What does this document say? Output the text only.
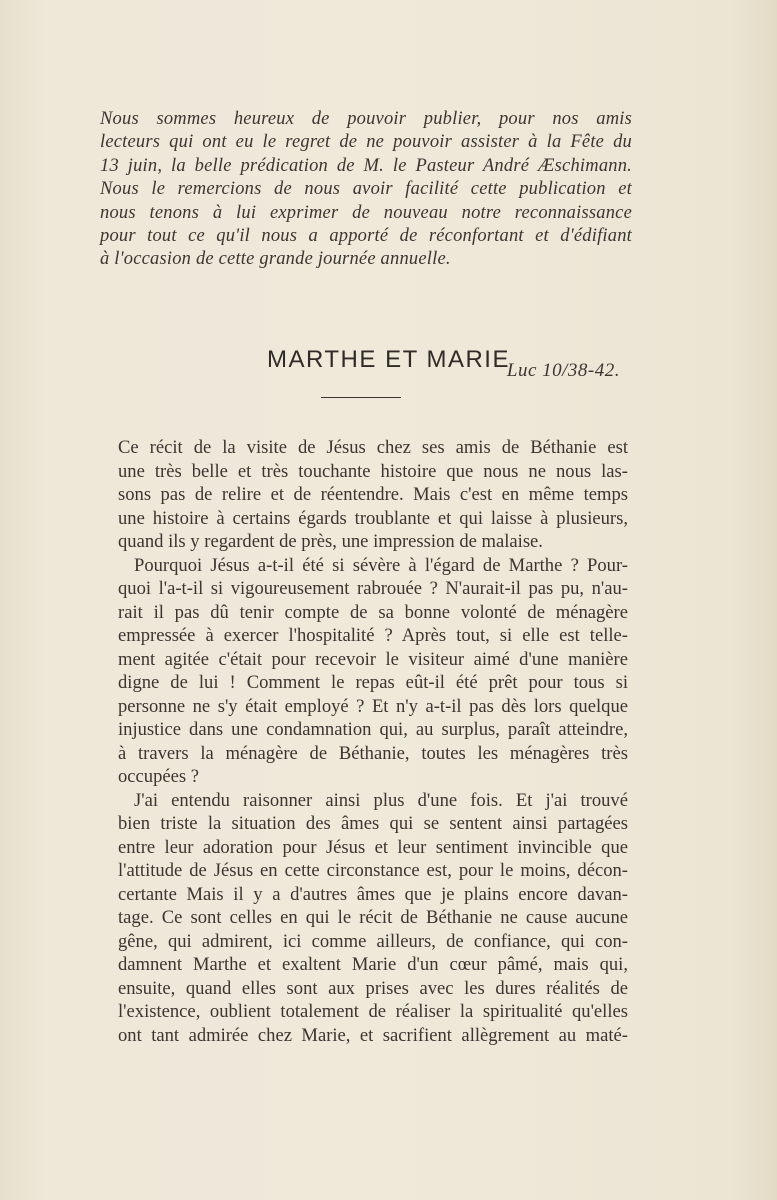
Nous sommes heureux de pouvoir publier, pour nos amis
lecteurs qui ont eu le regret de ne pouvoir assister à la Fête du
13 juin, la belle prédication de M. le Pasteur André Æschimann.
Nous le remercions de nous avoir facilité cette publication et
nous tenons à lui exprimer de nouveau notre reconnaissance
pour tout ce qu'il nous a apporté de réconfortant et d'édifiant
à l'occasion de cette grande journée annuelle.
MARTHE ET MARIE
Luc 10/38-42.
Ce récit de la visite de Jésus chez ses amis de Béthanie est
une très belle et très touchante histoire que nous ne nous las-
sons pas de relire et de réentendre. Mais c'est en même temps
une histoire à certains égards troublante et qui laisse à plusieurs,
quand ils y regardent de près, une impression de malaise.
Pourquoi Jésus a-t-il été si sévère à l'égard de Marthe ? Pour-
quoi l'a-t-il si vigoureusement rabrouée ? N'aurait-il pas pu, n'au-
rait il pas dû tenir compte de sa bonne volonté de ménagère
empressée à exercer l'hospitalité ? Après tout, si elle est telle-
ment agitée c'était pour recevoir le visiteur aimé d'une manière
digne de lui ! Comment le repas eût-il été prêt pour tous si
personne ne s'y était employé ? Et n'y a-t-il pas dès lors quelque
injustice dans une condamnation qui, au surplus, paraît atteindre,
à travers la ménagère de Béthanie, toutes les ménagères très
occupées ?
J'ai entendu raisonner ainsi plus d'une fois. Et j'ai trouvé
bien triste la situation des âmes qui se sentent ainsi partagées
entre leur adoration pour Jésus et leur sentiment invincible que
l'attitude de Jésus en cette circonstance est, pour le moins, décon-
certante Mais il y a d'autres âmes que je plains encore davan-
tage. Ce sont celles en qui le récit de Béthanie ne cause aucune
gêne, qui admirent, ici comme ailleurs, de confiance, qui con-
damnent Marthe et exaltent Marie d'un cœur pâmé, mais qui,
ensuite, quand elles sont aux prises avec les dures réalités de
l'existence, oublient totalement de réaliser la spiritualité qu'elles
ont tant admirée chez Marie, et sacrifient allègrement au maté-
